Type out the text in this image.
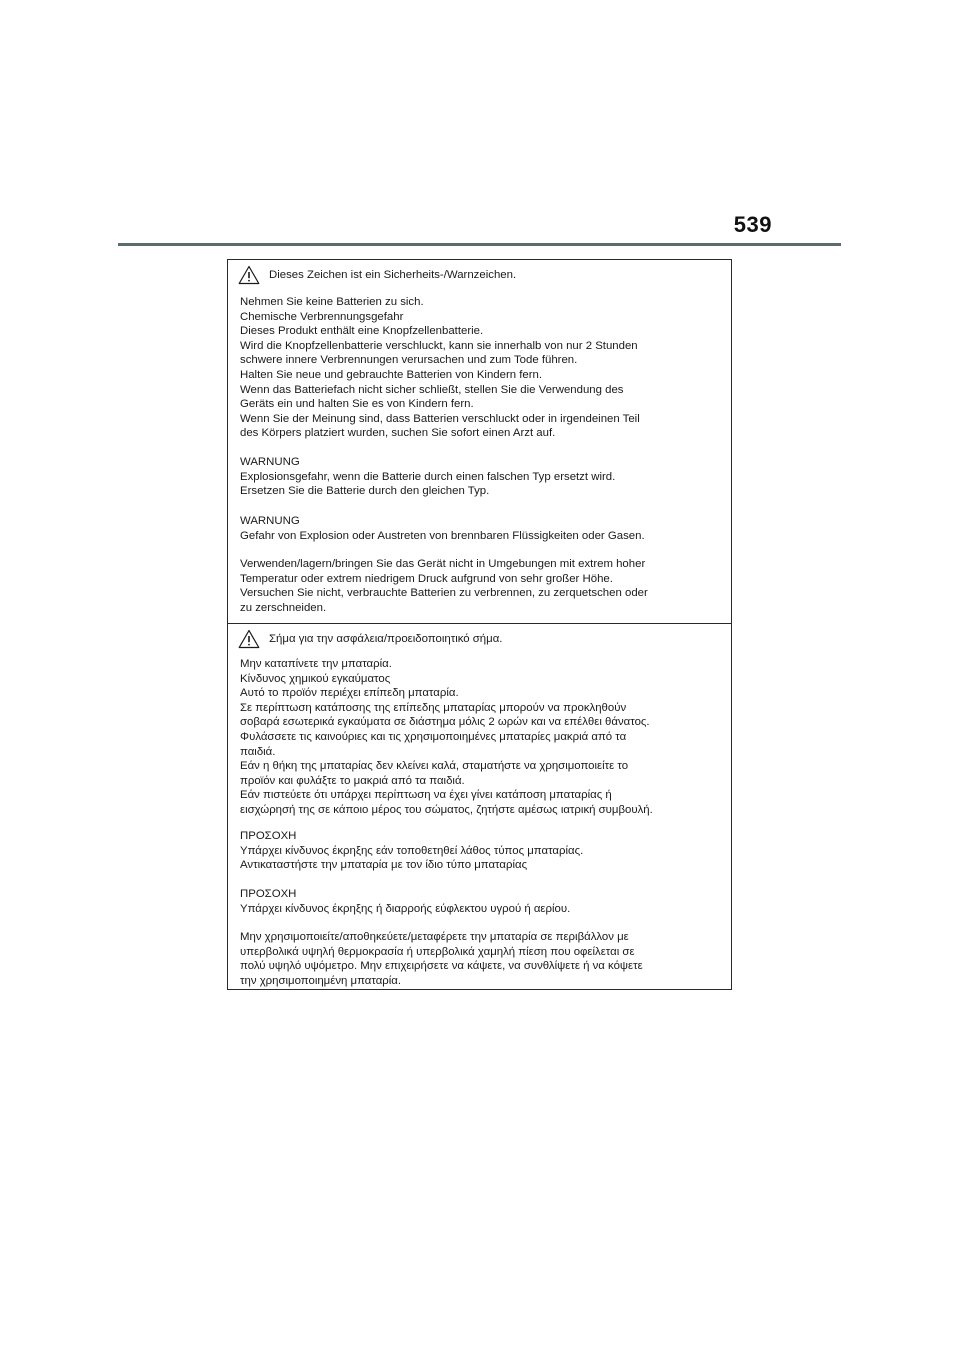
539
Dieses Zeichen ist ein Sicherheits-/Warnzeichen.

Nehmen Sie keine Batterien zu sich.
Chemische Verbrennungsgefahr
Dieses Produkt enthält eine Knopfzellenbatterie.
Wird die Knopfzellenbatterie verschluckt, kann sie innerhalb von nur 2 Stunden
schwere innere Verbrennungen verursachen und zum Tode führen.
Halten Sie neue und gebrauchte Batterien von Kindern fern.
Wenn das Batteriefach nicht sicher schließt, stellen Sie die Verwendung des
Geräts ein und halten Sie es von Kindern fern.
Wenn Sie der Meinung sind, dass Batterien verschluckt oder in irgendeinen Teil
des Körpers platziert wurden, suchen Sie sofort einen Arzt auf.

WARNUNG
Explosionsgefahr, wenn die Batterie durch einen falschen Typ ersetzt wird.
Ersetzen Sie die Batterie durch den gleichen Typ.

WARNUNG
Gefahr von Explosion oder Austreten von brennbaren Flüssigkeiten oder Gasen.

Verwenden/lagern/bringen Sie das Gerät nicht in Umgebungen mit extrem hoher
Temperatur oder extrem niedrigem Druck aufgrund von sehr großer Höhe.
Versuchen Sie nicht, verbrauchte Batterien zu verbrennen, zu zerquetschen oder
zu zerschneiden.

Σήμα για την ασφάλεια/προειδοποιητικό σήμα.

Μην καταπίνετε την μπαταρία.
Κίνδυνος χημικού εγκαύματος
Αυτό το προϊόν περιέχει επίπεδη μπαταρία.
Σε περίπτωση κατάποσης της επίπεδης μπαταρίας μπορούν να προκληθούν
σοβαρά εσωτερικά εγκαύματα σε διάστημα μόλις 2 ωρών και να επέλθει θάνατος.
Φυλάσσετε τις καινούριες και τις χρησιμοποιημένες μπαταρίες μακριά από τα
παιδιά.
Εάν η θήκη της μπαταρίας δεν κλείνει καλά, σταματήστε να χρησιμοποιείτε το
προϊόν και φυλάξτε το μακριά από τα παιδιά.
Εάν πιστεύετε ότι υπάρχει περίπτωση να έχει γίνει κατάποση μπαταρίας ή
εισχώρησή της σε κάποιο μέρος του σώματος, ζητήστε αμέσως ιατρική συμβουλή.

ΠΡΟΣΟΧΗ
Υπάρχει κίνδυνος έκρηξης εάν τοποθετηθεί λάθος τύπος μπαταρίας.
Αντικαταστήστε την μπαταρία με τον ίδιο τύπο μπαταρίας

ΠΡΟΣΟΧΗ
Υπάρχει κίνδυνος έκρηξης ή διαρροής εύφλεκτου υγρού ή αερίου.

Μην χρησιμοποιείτε/αποθηκεύετε/μεταφέρετε την μπαταρία σε περιβάλλον με
υπερβολικά υψηλή θερμοκρασία ή υπερβολικά χαμηλή πίεση που οφείλεται σε
πολύ υψηλό υψόμετρο. Μην επιχειρήσετε να κάψετε, να συνθλίψετε ή να κόψετε
την χρησιμοποιημένη μπαταρία.
